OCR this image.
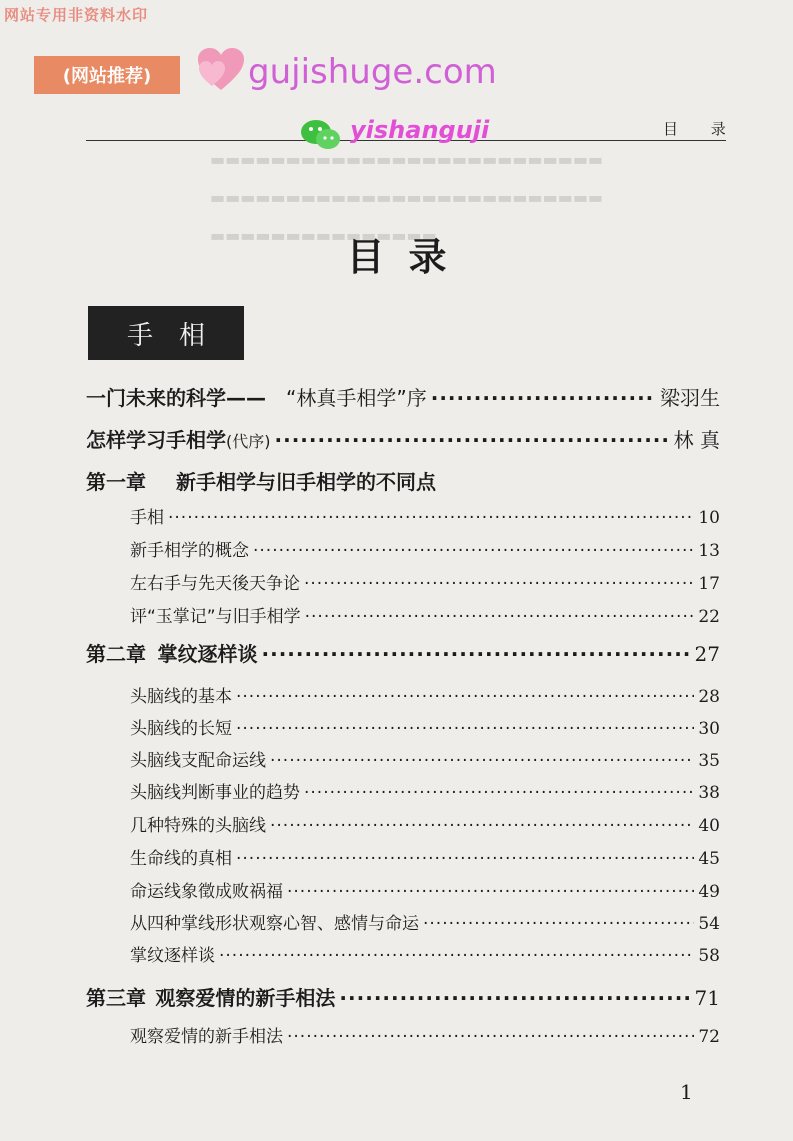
网站专用非资料水印
(网站推荐)	gujishuge.com
目 录
yishanguji
▬▬▬▬▬▬▬▬▬▬▬▬▬▬▬▬▬▬▬▬▬▬▬▬▬▬
▬▬▬▬▬▬▬▬▬▬▬▬▬▬▬▬▬▬▬▬▬▬▬▬▬▬
▬▬▬▬▬▬▬▬▬▬▬▬▬▬▬
目录
手相
一门未来的科学—— “林真手相学”序 ·····	梁羽生
怎样学习手相学 (代序) ·····	林 真
第一章 新手相学与旧手相学的不同点
手相 ·····	10
新手相学的概念 ·····	13
左右手与先天後天争论 ·····	17
评“玉掌记”与旧手相学 ·····	22
第二章 掌纹逐样谈 ·····	27
头脑线的基本 ·····	28
头脑线的长短 ·····	30
头脑线支配命运线 ·····	35
头脑线判断事业的趋势 ·····	38
几种特殊的头脑线 ·····	40
生命线的真相 ·····	45
命运线象徵成败祸福 ·····	49
从四种掌线形状观察心智、感情与命运 ·····	54
掌纹逐样谈 ·····	58
第三章 观察爱情的新手相法 ·····	71
观察爱情的新手相法 ·····	72
1
